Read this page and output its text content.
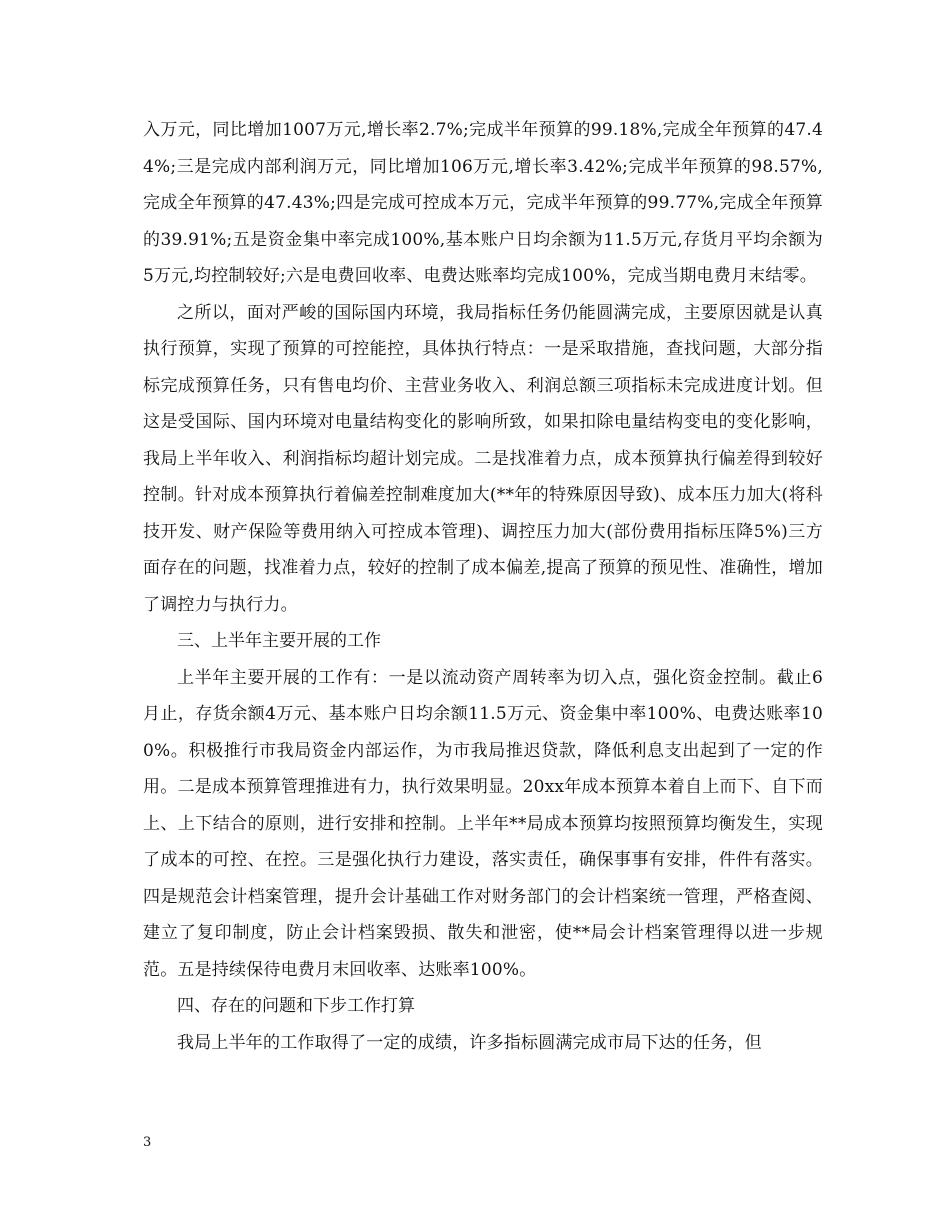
入万元，同比增加1007万元,增长率2.7%;完成半年预算的99.18%,完成全年预算的47.44%;三是完成内部利润万元，同比增加106万元,增长率3.42%;完成半年预算的98.57%,完成全年预算的47.43%;四是完成可控成本万元，完成半年预算的99.77%,完成全年预算的39.91%;五是资金集中率完成100%,基本账户日均余额为11.5万元,存货月平均余额为5万元,均控制较好;六是电费回收率、电费达账率均完成100%，完成当期电费月末结零。

之所以，面对严峻的国际国内环境，我局指标任务仍能圆满完成，主要原因就是认真执行预算，实现了预算的可控能控，具体执行特点：一是采取措施，查找问题，大部分指标完成预算任务，只有售电均价、主营业务收入、利润总额三项指标未完成进度计划。但这是受国际、国内环境对电量结构变化的影响所致，如果扣除电量结构变电的变化影响，我局上半年收入、利润指标均超计划完成。二是找准着力点，成本预算执行偏差得到较好控制。针对成本预算执行着偏差控制难度加大(**年的特殊原因导致)、成本压力加大(将科技开发、财产保险等费用纳入可控成本管理)、调控压力加大(部份费用指标压降5%)三方面存在的问题，找准着力点，较好的控制了成本偏差,提高了预算的预见性、准确性，增加了调控力与执行力。

三、上半年主要开展的工作

上半年主要开展的工作有：一是以流动资产周转率为切入点，强化资金控制。截止6月止，存货余额4万元、基本账户日均余额11.5万元、资金集中率100%、电费达账率100%。积极推行市我局资金内部运作，为市我局推迟贷款，降低利息支出起到了一定的作用。二是成本预算管理推进有力，执行效果明显。20xx年成本预算本着自上而下、自下而上、上下结合的原则，进行安排和控制。上半年**局成本预算均按照预算均衡发生，实现了成本的可控、在控。三是强化执行力建设，落实责任，确保事事有安排，件件有落实。四是规范会计档案管理，提升会计基础工作对财务部门的会计档案统一管理，严格查阅、建立了复印制度，防止会计档案毁损、散失和泄密，使**局会计档案管理得以进一步规范。五是持续保待电费月末回收率、达账率100%。

四、存在的问题和下步工作打算

我局上半年的工作取得了一定的成绩，许多指标圆满完成市局下达的任务，但

3
